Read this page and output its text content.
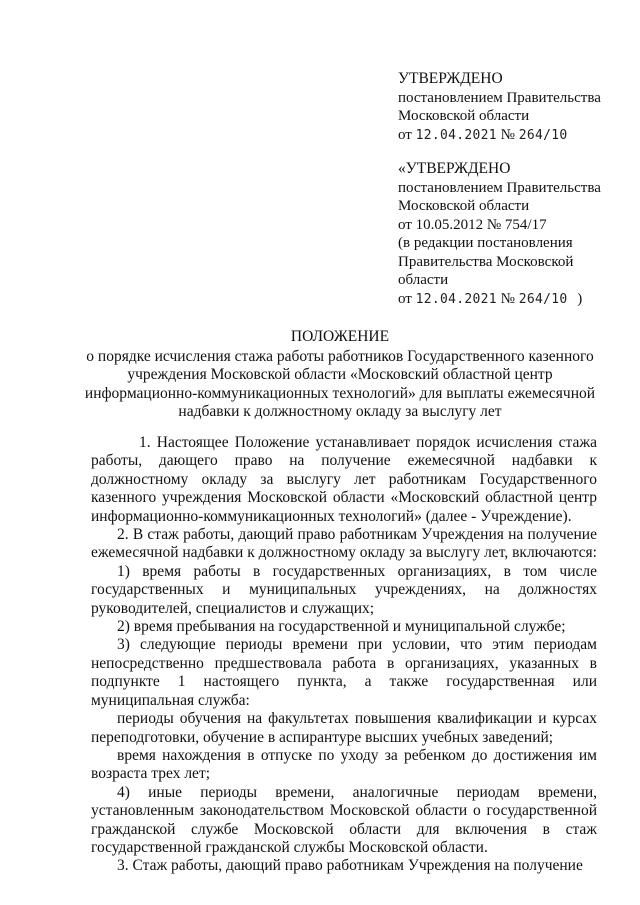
УТВЕРЖДЕНО
постановлением Правительства
Московской области
от 12.04.2021 № 264/10
«УТВЕРЖДЕНО
постановлением Правительства
Московской области
от 10.05.2012 № 754/17
(в редакции постановления
Правительства Московской
области
от 12.04.2021 № 264/10 )
ПОЛОЖЕНИЕ
о порядке исчисления стажа работы работников Государственного казенного учреждения Московской области «Московский областной центр информационно-коммуникационных технологий» для выплаты ежемесячной надбавки к должностному окладу за выслугу лет

1. Настоящее Положение устанавливает порядок исчисления стажа работы, дающего право на получение ежемесячной надбавки к должностному окладу за выслугу лет работникам Государственного казенного учреждения Московской области «Московский областной центр информационно-коммуникационных технологий» (далее - Учреждение).

2. В стаж работы, дающий право работникам Учреждения на получение ежемесячной надбавки к должностному окладу за выслугу лет, включаются:

1) время работы в государственных организациях, в том числе государственных и муниципальных учреждениях, на должностях руководителей, специалистов и служащих;

2) время пребывания на государственной и муниципальной службе;

3) следующие периоды времени при условии, что этим периодам непосредственно предшествовала работа в организациях, указанных в подпункте 1 настоящего пункта, а также государственная или муниципальная служба:

периоды обучения на факультетах повышения квалификации и курсах переподготовки, обучение в аспирантуре высших учебных заведений;

время нахождения в отпуске по уходу за ребенком до достижения им возраста трех лет;

4) иные периоды времени, аналогичные периодам времени, установленным законодательством Московской области о государственной гражданской службе Московской области для включения в стаж государственной гражданской службы Московской области.

3. Стаж работы, дающий право работникам Учреждения на получение
